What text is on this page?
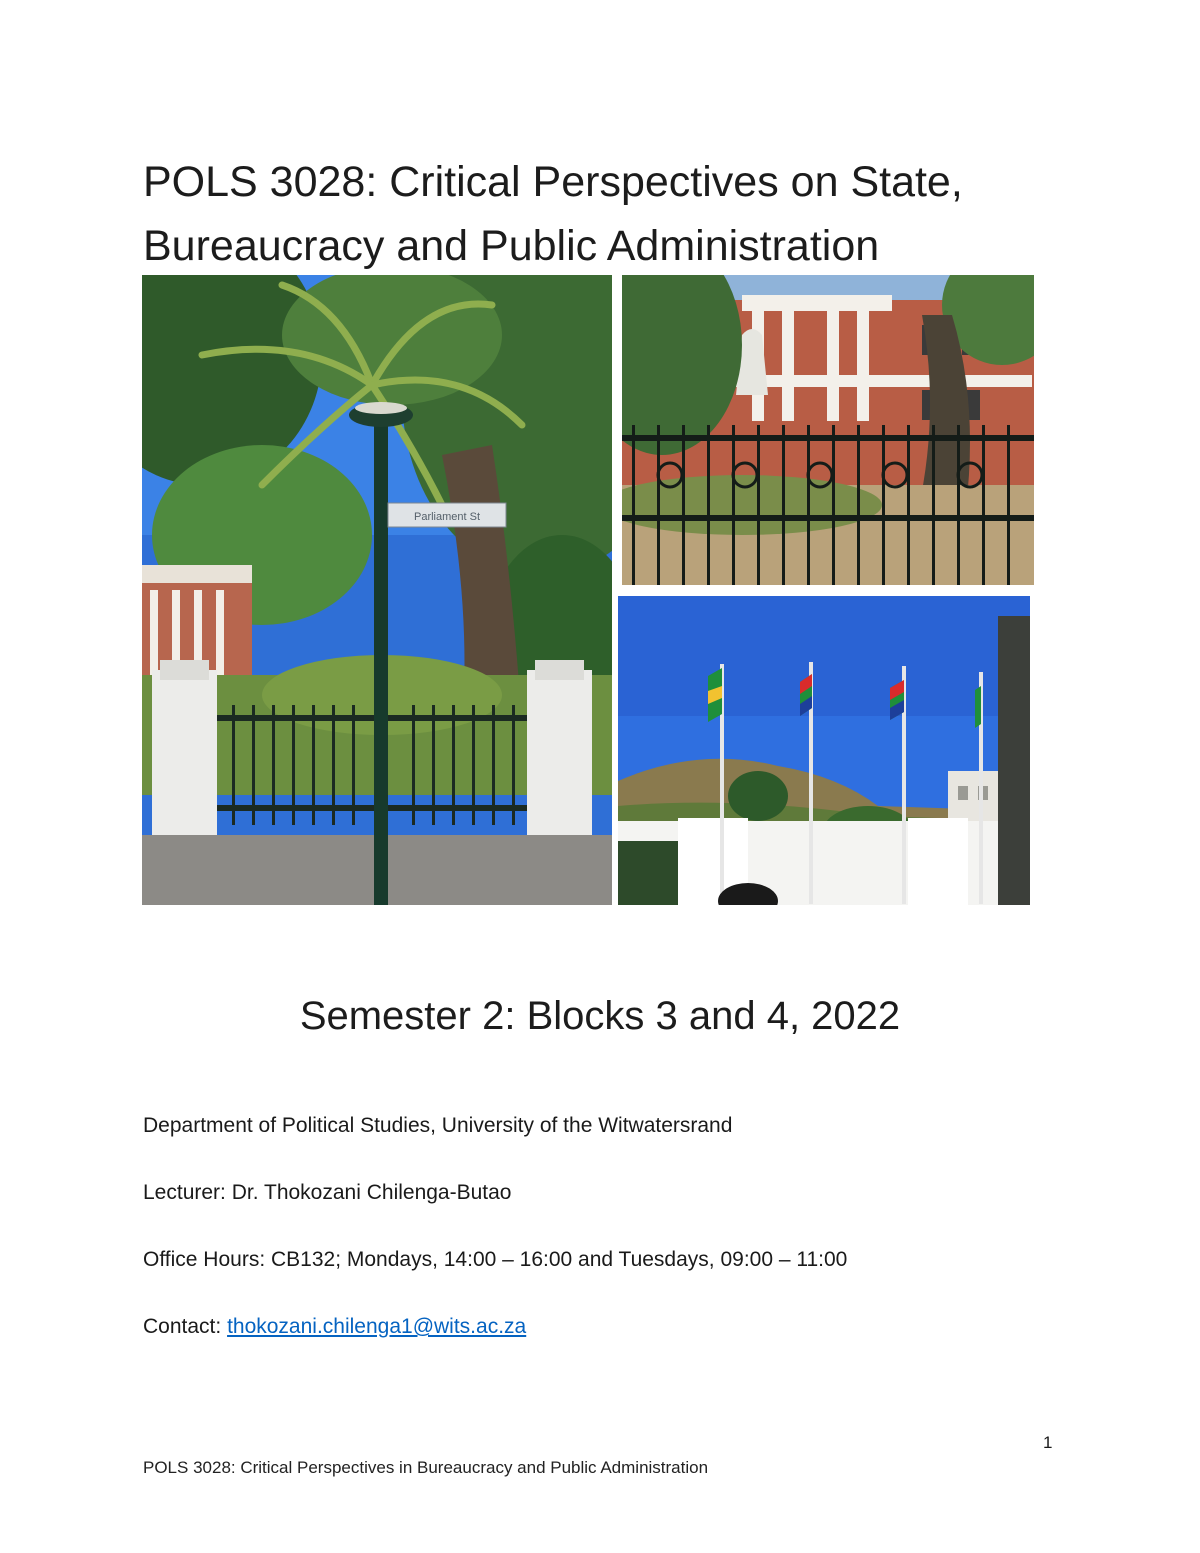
POLS 3028: Critical Perspectives on State,
Bureaucracy and Public Administration
Parliament St

Semester 2: Blocks 3 and 4, 2022

Department of Political Studies, University of the Witwatersrand

Lecturer: Dr. Thokozani Chilenga-Butao

Office Hours: CB132; Mondays, 14:00 – 16:00 and Tuesdays, 09:00 – 11:00

Contact: thokozani.chilenga1@wits.ac.za

1
POLS 3028: Critical Perspectives in Bureaucracy and Public Administration
